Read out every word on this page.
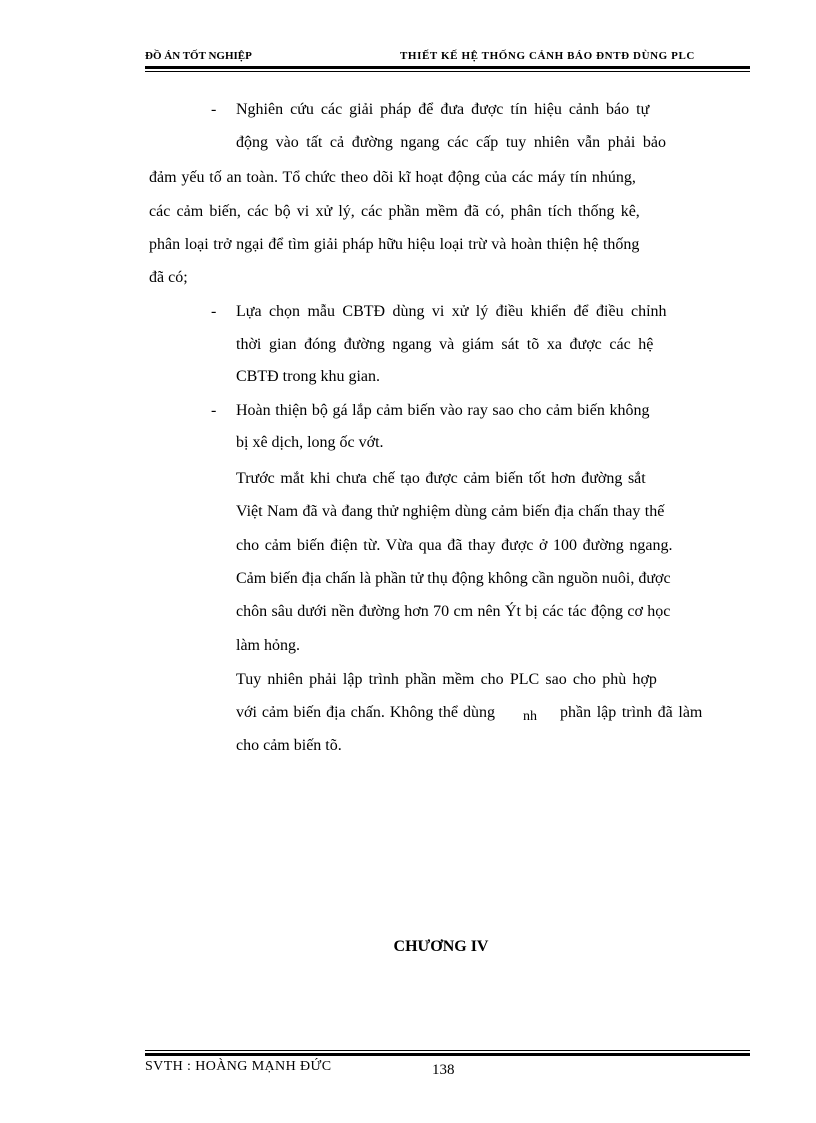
ĐỒ ÁN TỐT NGHIỆP	THIẾT KẾ HỆ THỐNG CẢNH BÁO ĐNTĐ DÙNG PLC
- Nghiên cứu các giải pháp để đưa được tín hiệu cảnh báo tự
động vào tất cả đường ngang các cấp tuy nhiên vẫn phải bảo
đảm yếu tố an toàn. Tổ chức theo dõi kĩ hoạt động của các máy tín nhúng,
các cảm biến, các bộ vi xử lý, các phần mềm đã có, phân tích thống kê,
phân loại trở ngại để tìm giải pháp hữu hiệu loại trừ và hoàn thiện hệ thống
đã có;
- Lựa chọn mẫu CBTĐ dùng vi xử lý điều khiển để điều chỉnh
thời gian đóng đường ngang và giám sát tõ xa được các hệ
CBTĐ trong khu gian.
- Hoàn thiện bộ gá lắp cảm biến vào ray sao cho cảm biến không
bị xê dịch, long ốc vớt.
Trước mắt khi chưa chế tạo được cảm biến tốt hơn đường sắt
Việt Nam đã và đang thử nghiệm dùng cảm biến địa chấn thay thế
cho cảm biến điện từ. Vừa qua đã thay được ở 100 đường ngang.
Cảm biến địa chấn là phần tử thụ động không cần nguồn nuôi, được
chôn sâu dưới nền đường hơn 70 cm nên Ýt bị các tác động cơ học
làm hỏng.
Tuy nhiên phải lập trình phần mềm cho PLC sao cho phù hợp
với cảm biến địa chấn. Không thể dùng nh phần lập trình đã làm
cho cảm biến tõ.
CHƯƠNG IV
SVTH : HOÀNG MẠNH ĐỨC	138
